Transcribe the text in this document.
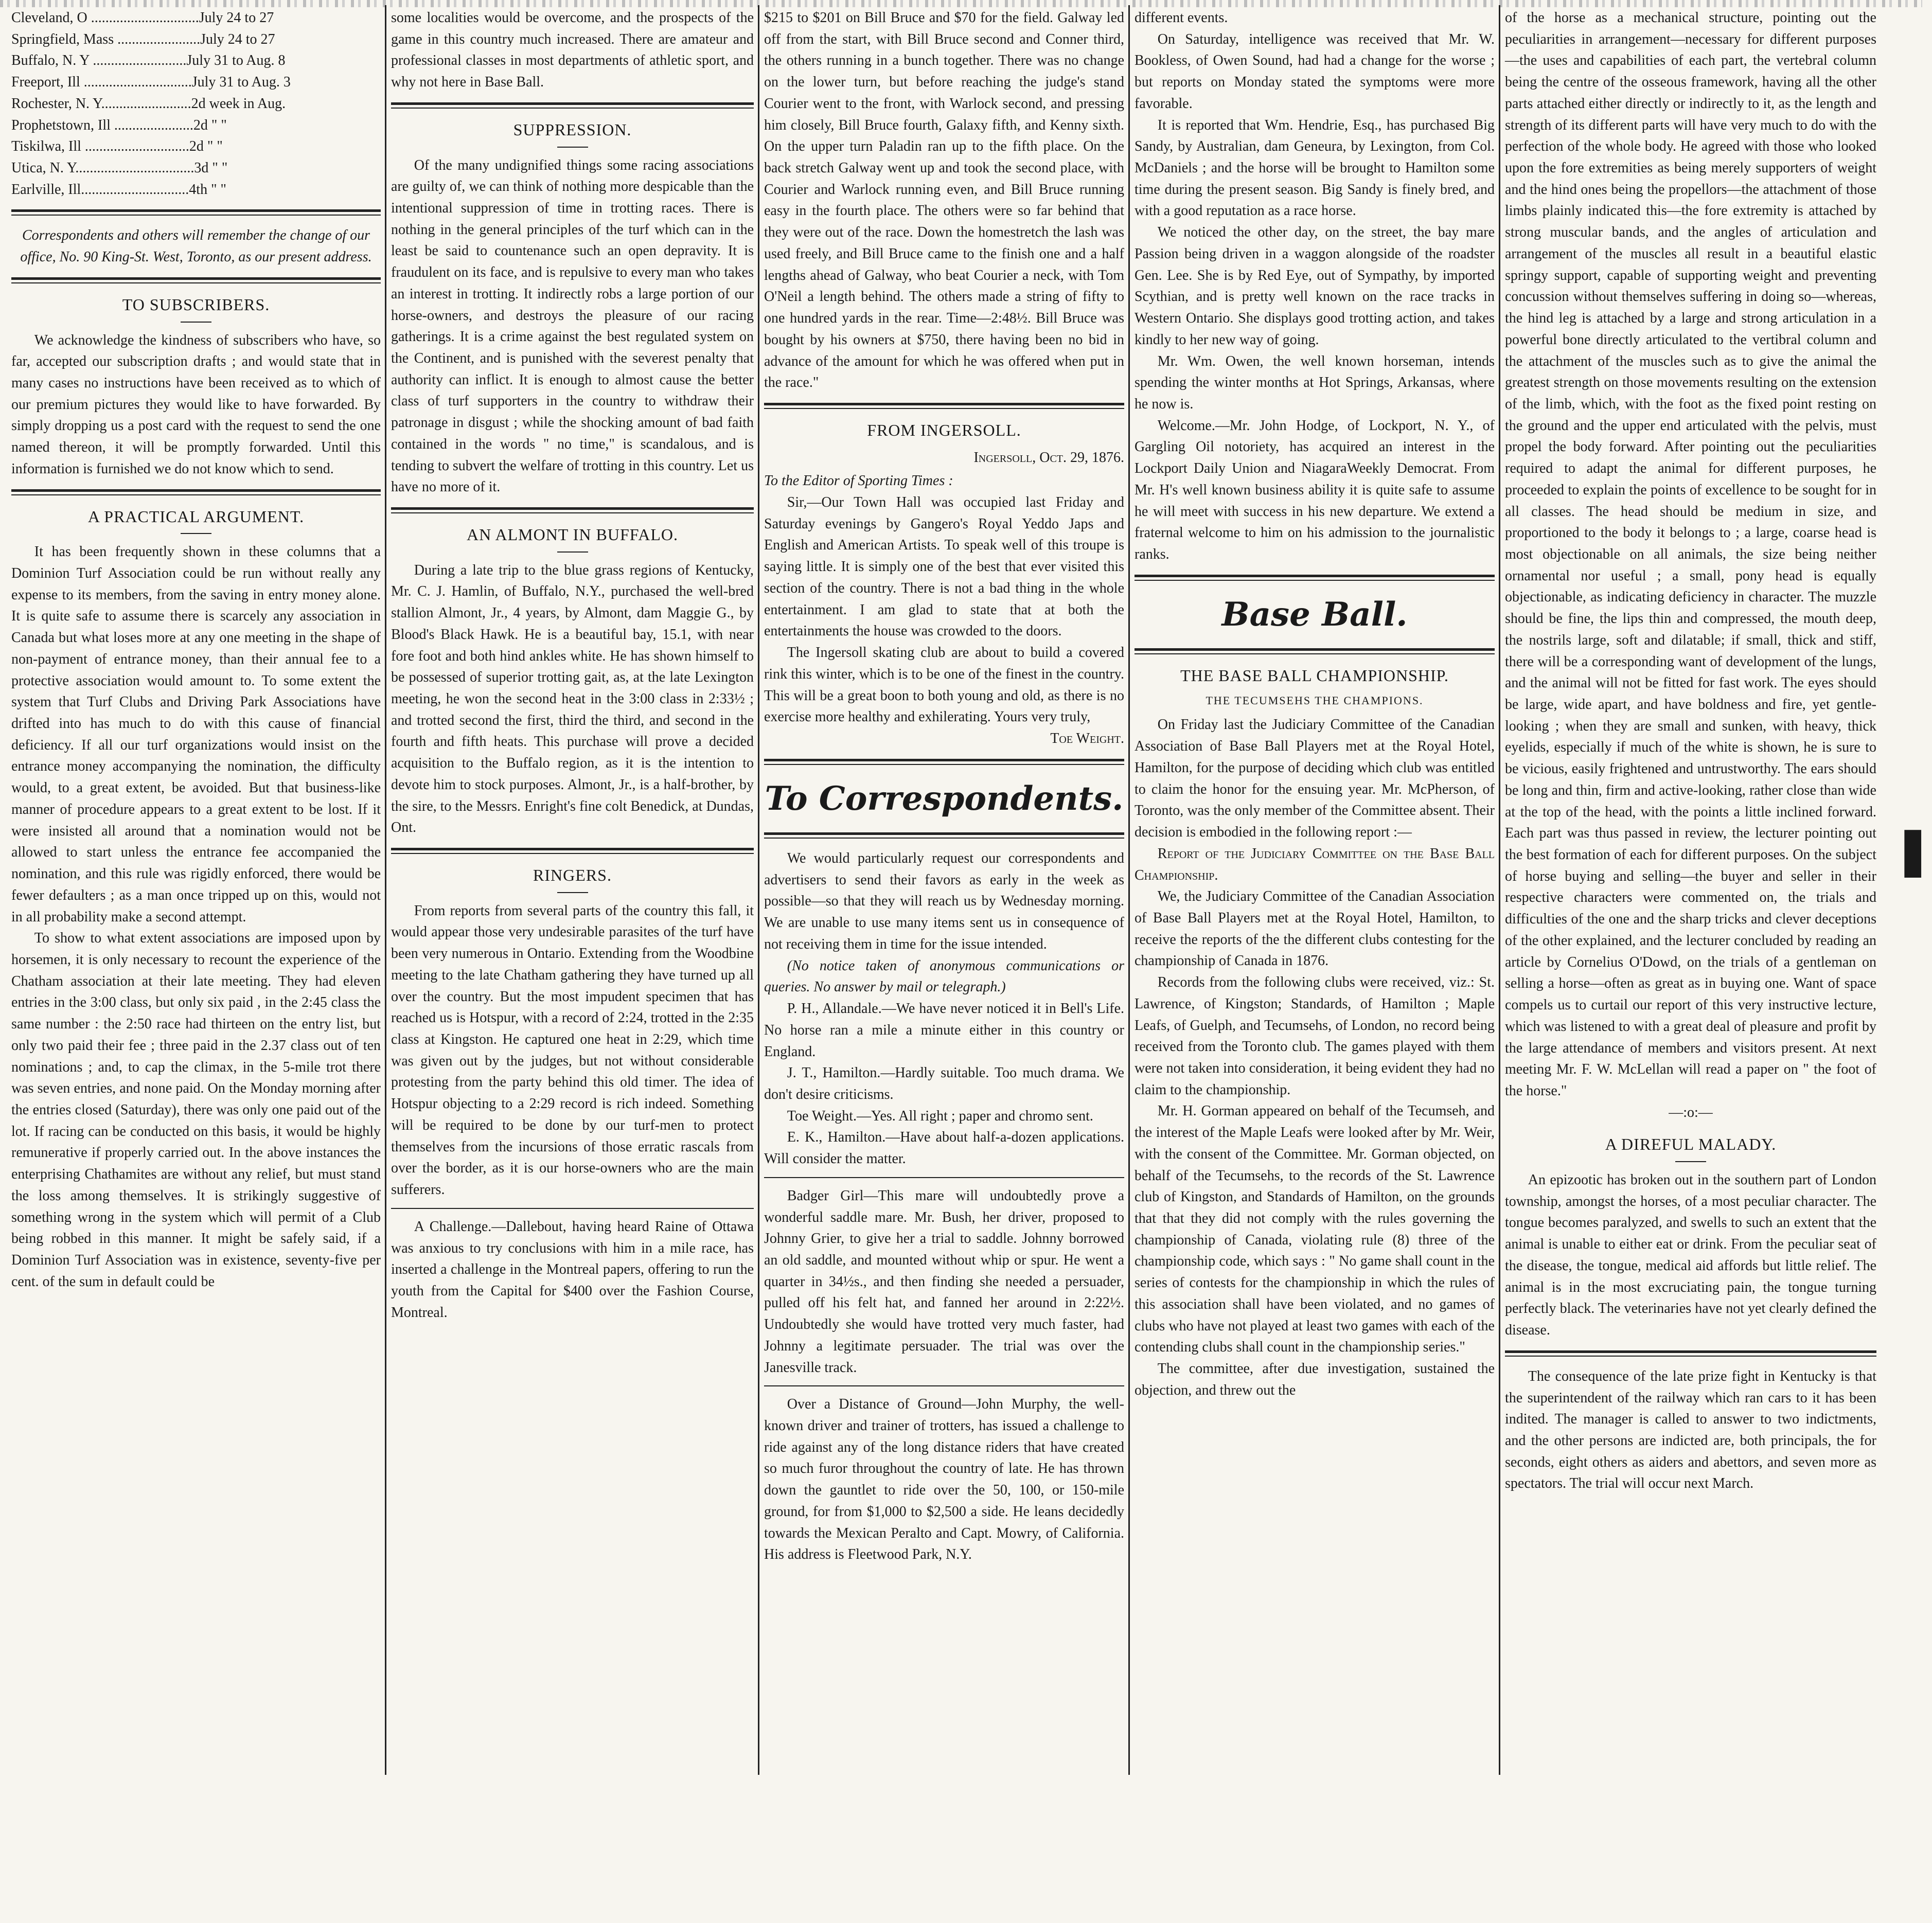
Cleveland, O ..............................July 24 to 27
Springfield, Mass .......................July 24 to 27
Buffalo, N. Y ..........................July 31 to Aug. 8
Freeport, Ill ..............................July 31 to Aug. 3
Rochester, N. Y.........................2d week in Aug.
Prophetstown, Ill ......................2d " "
Tiskilwa, Ill .............................2d " "
Utica, N. Y.................................3d " "
Earlville, Ill..............................4th " "

Correspondents and others will remember the change of our office, No. 90 King-St. West, Toronto, as our present address.

TO SUBSCRIBERS.

We acknowledge the kindness of subscribers who have, so far, accepted our subscription drafts ; and would state that in many cases no instructions have been received as to which of our premium pictures they would like to have forwarded. By simply dropping us a post card with the request to send the one named thereon, it will be promptly forwarded. Until this information is furnished we do not know which to send.

A PRACTICAL ARGUMENT.

It has been frequently shown in these columns that a Dominion Turf Association could be run without really any expense to its members, from the saving in entry money alone. It is quite safe to assume there is scarcely any association in Canada but what loses more at any one meeting in the shape of non-payment of entrance money, than their annual fee to a protective association would amount to. To some extent the system that Turf Clubs and Driving Park Associations have drifted into has much to do with this cause of financial deficiency. If all our turf organizations would insist on the entrance money accompanying the nomination, the difficulty would, to a great extent, be avoided. But that business-like manner of procedure appears to a great extent to be lost. If it were insisted all around that a nomination would not be allowed to start unless the entrance fee accompanied the nomination, and this rule was rigidly enforced, there would be fewer defaulters ; as a man once tripped up on this, would not in all probability make a second attempt.

To show to what extent associations are imposed upon by horsemen, it is only necessary to recount the experience of the Chatham association at their late meeting. They had eleven entries in the 3:00 class, but only six paid , in the 2:45 class the same number : the 2:50 race had thirteen on the entry list, but only two paid their fee ; three paid in the 2.37 class out of ten nominations ; and, to cap the climax, in the 5-mile trot there was seven entries, and none paid. On the Monday morning after the entries closed (Saturday), there was only one paid out of the lot. If racing can be conducted on this basis, it would be highly remunerative if properly carried out. In the above instances the enterprising Chathamites are without any relief, but must stand the loss among themselves. It is strikingly suggestive of something wrong in the system which will permit of a Club being robbed in this manner. It might be safely said, if a Dominion Turf Association was in existence, seventy-five per cent. of the sum in default could be

some localities would be overcome, and the prospects of the game in this country much increased. There are amateur and professional classes in most departments of athletic sport, and why not here in Base Ball.

SUPPRESSION.

Of the many undignified things some racing associations are guilty of, we can think of nothing more despicable than the intentional suppression of time in trotting races. There is nothing in the general principles of the turf which can in the least be said to countenance such an open depravity. It is fraudulent on its face, and is repulsive to every man who takes an interest in trotting. It indirectly robs a large portion of our horse-owners, and destroys the pleasure of our racing gatherings. It is a crime against the best regulated system on the Continent, and is punished with the severest penalty that authority can inflict. It is enough to almost cause the better class of turf supporters in the country to withdraw their patronage in disgust ; while the shocking amount of bad faith contained in the words " no time," is scandalous, and is tending to subvert the welfare of trotting in this country. Let us have no more of it.

AN ALMONT IN BUFFALO.

During a late trip to the blue grass regions of Kentucky, Mr. C. J. Hamlin, of Buffalo, N.Y., purchased the well-bred stallion Almont, Jr., 4 years, by Almont, dam Maggie G., by Blood's Black Hawk. He is a beautiful bay, 15.1, with near fore foot and both hind ankles white. He has shown himself to be possessed of superior trotting gait, as, at the late Lexington meeting, he won the second heat in the 3:00 class in 2:33½ ; and trotted second the first, third the third, and second in the fourth and fifth heats. This purchase will prove a decided acquisition to the Buffalo region, as it is the intention to devote him to stock purposes. Almont, Jr., is a half-brother, by the sire, to the Messrs. Enright's fine colt Benedick, at Dundas, Ont.

RINGERS.

From reports from several parts of the country this fall, it would appear those very undesirable parasites of the turf have been very numerous in Ontario. Extending from the Woodbine meeting to the late Chatham gathering they have turned up all over the country. But the most impudent specimen that has reached us is Hotspur, with a record of 2:24, trotted in the 2:35 class at Kingston. He captured one heat in 2:29, which time was given out by the judges, but not without considerable protesting from the party behind this old timer. The idea of Hotspur objecting to a 2:29 record is rich indeed. Something will be required to be done by our turf-men to protect themselves from the incursions of those erratic rascals from over the border, as it is our horse-owners who are the main sufferers.

A Challenge.—Dallebout, having heard Raine of Ottawa was anxious to try conclusions with him in a mile race, has inserted a challenge in the Montreal papers, offering to run the youth from the Capital for $400 over the Fashion Course, Montreal.

$215 to $201 on Bill Bruce and $70 for the field. Galway led off from the start, with Bill Bruce second and Conner third, the others running in a bunch together. There was no change on the lower turn, but before reaching the judge's stand Courier went to the front, with Warlock second, and pressing him closely, Bill Bruce fourth, Galaxy fifth, and Kenny sixth. On the upper turn Paladin ran up to the fifth place. On the back stretch Galway went up and took the second place, with Courier and Warlock running even, and Bill Bruce running easy in the fourth place. The others were so far behind that they were out of the race. Down the homestretch the lash was used freely, and Bill Bruce came to the finish one and a half lengths ahead of Galway, who beat Courier a neck, with Tom O'Neil a length behind. The others made a string of fifty to one hundred yards in the rear. Time—2:48½. Bill Bruce was bought by his owners at $750, there having been no bid in advance of the amount for which he was offered when put in the race."

FROM INGERSOLL.
Ingersoll, Oct. 29, 1876.

To the Editor of Sporting Times :

Sir,—Our Town Hall was occupied last Friday and Saturday evenings by Gangero's Royal Yeddo Japs and English and American Artists. To speak well of this troupe is saying little. It is simply one of the best that ever visited this section of the country. There is not a bad thing in the whole entertainment. I am glad to state that at both the entertainments the house was crowded to the doors.

The Ingersoll skating club are about to build a covered rink this winter, which is to be one of the finest in the country. This will be a great boon to both young and old, as there is no exercise more healthy and exhilerating. Yours very truly,

Toe Weight.
To Correspondents.

We would particularly request our correspondents and advertisers to send their favors as early in the week as possible—so that they will reach us by Wednesday morning. We are unable to use many items sent us in consequence of not receiving them in time for the issue intended.

(No notice taken of anonymous communications or queries. No answer by mail or telegraph.)

P. H., Allandale.—We have never noticed it in Bell's Life. No horse ran a mile a minute either in this country or England.

J. T., Hamilton.—Hardly suitable. Too much drama. We don't desire criticisms.

Toe Weight.—Yes. All right ; paper and chromo sent.

E. K., Hamilton.—Have about half-a-dozen applications. Will consider the matter.

Badger Girl—This mare will undoubtedly prove a wonderful saddle mare. Mr. Bush, her driver, proposed to Johnny Grier, to give her a trial to saddle. Johnny borrowed an old saddle, and mounted without whip or spur. He went a quarter in 34½s., and then finding she needed a persuader, pulled off his felt hat, and fanned her around in 2:22½. Undoubtedly she would have trotted very much faster, had Johnny a legitimate persuader. The trial was over the Janesville track.

Over a Distance of Ground—John Murphy, the well-known driver and trainer of trotters, has issued a challenge to ride against any of the long distance riders that have created so much furor throughout the country of late. He has thrown down the gauntlet to ride over the 50, 100, or 150-mile ground, for from $1,000 to $2,500 a side. He leans decidedly towards the Mexican Peralto and Capt. Mowry, of California. His address is Fleetwood Park, N.Y.

different events.

On Saturday, intelligence was received that Mr. W. Bookless, of Owen Sound, had had a change for the worse ; but reports on Monday stated the symptoms were more favorable.

It is reported that Wm. Hendrie, Esq., has purchased Big Sandy, by Australian, dam Geneura, by Lexington, from Col. McDaniels ; and the horse will be brought to Hamilton some time during the present season. Big Sandy is finely bred, and with a good reputation as a race horse.

We noticed the other day, on the street, the bay mare Passion being driven in a waggon alongside of the roadster Gen. Lee. She is by Red Eye, out of Sympathy, by imported Scythian, and is pretty well known on the race tracks in Western Ontario. She displays good trotting action, and takes kindly to her new way of going.

Mr. Wm. Owen, the well known horseman, intends spending the winter months at Hot Springs, Arkansas, where he now is.

Welcome.—Mr. John Hodge, of Lockport, N. Y., of Gargling Oil notoriety, has acquired an interest in the Lockport Daily Union and NiagaraWeekly Democrat. From Mr. H's well known business ability it is quite safe to assume he will meet with success in his new departure. We extend a fraternal welcome to him on his admission to the journalistic ranks.

Base Ball.
THE BASE BALL CHAMPIONSHIP.
THE TECUMSEHS THE CHAMPIONS.

On Friday last the Judiciary Committee of the Canadian Association of Base Ball Players met at the Royal Hotel, Hamilton, for the purpose of deciding which club was entitled to claim the honor for the ensuing year. Mr. McPherson, of Toronto, was the only member of the Committee absent. Their decision is embodied in the following report :—

Report of the Judiciary Committee on the Base Ball Championship.

We, the Judiciary Committee of the Canadian Association of Base Ball Players met at the Royal Hotel, Hamilton, to receive the reports of the the different clubs contesting for the championship of Canada in 1876.

Records from the following clubs were received, viz.: St. Lawrence, of Kingston; Standards, of Hamilton ; Maple Leafs, of Guelph, and Tecumsehs, of London, no record being received from the Toronto club. The games played with them were not taken into consideration, it being evident they had no claim to the championship.

Mr. H. Gorman appeared on behalf of the Tecumseh, and the interest of the Maple Leafs were looked after by Mr. Weir, with the consent of the Committee. Mr. Gorman objected, on behalf of the Tecumsehs, to the records of the St. Lawrence club of Kingston, and Standards of Hamilton, on the grounds that that they did not comply with the rules governing the championship of Canada, violating rule (8) three of the championship code, which says : " No game shall count in the series of contests for the championship in which the rules of this association shall have been violated, and no games of clubs who have not played at least two games with each of the contending clubs shall count in the championship series."

The committee, after due investigation, sustained the objection, and threw out the

of the horse as a mechanical structure, pointing out the peculiarities in arrangement—necessary for different purposes—the uses and capabilities of each part, the vertebral column being the centre of the osseous framework, having all the other parts attached either directly or indirectly to it, as the length and strength of its different parts will have very much to do with the perfection of the whole body. He agreed with those who looked upon the fore extremities as being merely supporters of weight and the hind ones being the propellors—the attachment of those limbs plainly indicated this—the fore extremity is attached by strong muscular bands, and the angles of articulation and arrangement of the muscles all result in a beautiful elastic springy support, capable of supporting weight and preventing concussion without themselves suffering in doing so—whereas, the hind leg is attached by a large and strong articulation in a powerful bone directly articulated to the vertibral column and the attachment of the muscles such as to give the animal the greatest strength on those movements resulting on the extension of the limb, which, with the foot as the fixed point resting on the ground and the upper end articulated with the pelvis, must propel the body forward. After pointing out the peculiarities required to adapt the animal for different purposes, he proceeded to explain the points of excellence to be sought for in all classes. The head should be medium in size, and proportioned to the body it belongs to ; a large, coarse head is most objectionable on all animals, the size being neither ornamental nor useful ; a small, pony head is equally objectionable, as indicating deficiency in character. The muzzle should be fine, the lips thin and compressed, the mouth deep, the nostrils large, soft and dilatable; if small, thick and stiff, there will be a corresponding want of development of the lungs, and the animal will not be fitted for fast work. The eyes should be large, wide apart, and have boldness and fire, yet gentle-looking ; when they are small and sunken, with heavy, thick eyelids, especially if much of the white is shown, he is sure to be vicious, easily frightened and untrustworthy. The ears should be long and thin, firm and active-looking, rather close than wide at the top of the head, with the points a little inclined forward. Each part was thus passed in review, the lecturer pointing out the best formation of each for different purposes. On the subject of horse buying and selling—the buyer and seller in their respective characters were commented on, the trials and difficulties of the one and the sharp tricks and clever deceptions of the other explained, and the lecturer concluded by reading an article by Cornelius O'Dowd, on the trials of a gentleman on selling a horse—often as great as in buying one. Want of space compels us to curtail our report of this very instructive lecture, which was listened to with a great deal of pleasure and profit by the large attendance of members and visitors present. At next meeting Mr. F. W. McLellan will read a paper on " the foot of the horse."

—:o:—
A DIREFUL MALADY.

An epizootic has broken out in the southern part of London township, amongst the horses, of a most peculiar character. The tongue becomes paralyzed, and swells to such an extent that the animal is unable to either eat or drink. From the peculiar seat of the disease, the tongue, medical aid affords but little relief. The animal is in the most excruciating pain, the tongue turning perfectly black. The veterinaries have not yet clearly defined the disease.

The consequence of the late prize fight in Kentucky is that the superintendent of the railway which ran cars to it has been indited. The manager is called to answer to two indictments, and the other persons are indicted are, both principals, the for seconds, eight others as aiders and abettors, and seven more as spectators. The trial will occur next March.

❚
